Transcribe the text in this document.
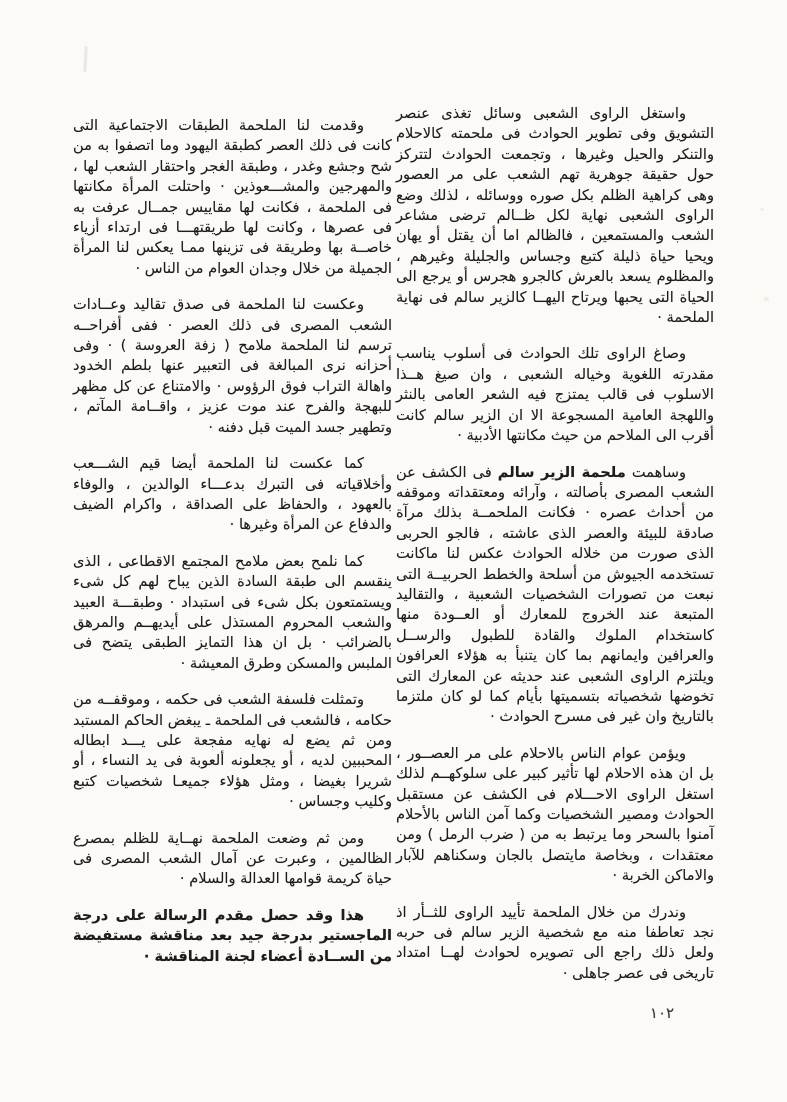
واستغل الراوى الشعبى وسائل تغذى عنصر التشويق وفى تطوير الحوادث فى ملحمته كالاحلام والتنكر والحيل وغيرها ، وتجمعت الحوادث لتتركز حول حقيقة جوهرية تهم الشعب على مر العصور وهى كراهية الظلم بكل صوره ووسائله ، لذلك وضع الراوى الشعبى نهاية لكل ظــالم ترضى مشاعر الشعب والمستمعين ، فالظالم اما أن يقتل أو يهان ويحيا حياة ذليلة كتبع وجساس والجليلة وغيرهم ، والمظلوم يسعد بالعرش كالجرو هجرس أو يرجع الى الحياة التى يحبها ويرتاح اليهــا كالزير سالم فى نهاية الملحمة ·

وصاغ الراوى تلك الحوادث فى أسلوب يناسب مقدرته اللغوية وخياله الشعبى ، وان صيغ هــذا الاسلوب فى قالب يمتزج فيه الشعر العامى بالنثر واللهجة العامية المسجوعة الا ان الزير سالم كانت أقرب الى الملاحم من حيث مكانتها الأدبية ·

وساهمت ملحمة الزير سالم فى الكشف عن الشعب المصرى بأصالته ، وآرائه ومعتقداته وموقفه من أحداث عصره · فكانت الملحمــة بذلك مرآة صادقة للبيئة والعصر الذى عاشته ، فالجو الحربى الذى صورت من خلاله الحوادث عكس لنا ماكانت تستخدمه الجيوش من أسلحة والخطط الحربيــة التى نبعت من تصورات الشخصيات الشعبية ، والتقاليد المتبعة عند الخروج للمعارك أو العــودة منها كاستخدام الملوك والقادة للطبول والرســل والعرافين وايمانهم بما كان يتنبأ به هؤلاء العرافون ويلتزم الراوى الشعبى عند حديثه عن المعارك التى تخوضها شخصياته بتسميتها بأيام كما لو كان ملتزما بالتاريخ وان غير فى مسرح الحوادث ·

ويؤمن عوام الناس بالاحلام على مر العصــور ، بل ان هذه الاحلام لها تأثير كبير على سلوكهــم لذلك استغل الراوى الاحـــلام فى الكشف عن مستقبل الحوادث ومصير الشخصيات وكما آمن الناس بالأحلام آمنوا بالسحر وما يرتبط به من ( ضرب الرمل ) ومن معتقدات ، وبخاصة مايتصل بالجان وسكناهم للآبار والاماكن الخربة ·

وندرك من خلال الملحمة تأييد الراوى للثــأر اذ نجد تعاطفا منه مع شخصية الزير سالم فى حربه ولعل ذلك راجع الى تصويره لحوادث لهــا امتداد تاريخى فى عصر جاهلى ·

وقدمت لنا الملحمة الطبقات الاجتماعية التى كانت فى ذلك العصر كطبقة اليهود وما اتصفوا به من شح وجشع وغدر ، وطبقة الغجر واحتقار الشعب لها ، والمهرجين والمشـــعوذين · واحتلت المرأة مكانتها فى الملحمة ، فكانت لها مقاييس جمــال عرفت به فى عصرها ، وكانت لها طريقتهـــا فى ارتداء أزياء خاصــة بها وطريقة فى تزينها ممـا يعكس لنا المرأة الجميلة من خلال وجدان العوام من الناس ·

وعكست لنا الملحمة فى صدق تقاليد وعــادات الشعب المصرى فى ذلك العصر · ففى أفراحــه ترسم لنا الملحمة ملامح ( زفة العروسة ) · وفى أحزانه نرى المبالغة فى التعبير عنها بلطم الخدود واهالة التراب فوق الرؤوس · والامتناع عن كل مظهر للبهجة والفرح عند موت عزيز ، واقــامة المآتم ، وتطهير جسد الميت قبل دفنه ·

كما عكست لنا الملحمة أيضا قيم الشـــعب وأخلاقياته فى التبرك بدعـــاء الوالدين ، والوفاء بالعهود ، والحفاظ على الصداقة ، واكرام الضيف والدفاع عن المرأة وغيرها ·

كما نلمح بعض ملامح المجتمع الاقطاعى ، الذى ينقسم الى طبقة السادة الذين يباح لهم كل شىء ويستمتعون بكل شىء فى استبداد · وطبقـــة العبيد والشعب المحروم المستذل على أيديهــم والمرهق بالضرائب · بل ان هذا التمايز الطبقى يتضح فى الملبس والمسكن وطرق المعيشة ·

وتمثلت فلسفة الشعب فى حكمه ، وموقفــه من حكامه ، فالشعب فى الملحمة ـ يبغض الحاكم المستبد ومن ثم يضع له نهايه مفجعة على يـــد ابطاله المحببين لديه ، أو يجعلونه ألعوبة فى يد النساء ، أو شريرا بغيضا ، ومثل هؤلاء جميعـا شخصيات كتبع وكليب وجساس ·

ومن ثم وضعت الملحمة نهــاية للظلم بمصرع الظالمين ، وعبرت عن آمال الشعب المصرى فى حياة كريمة قوامها العدالة والسلام ·

هذا وقد حصل مقدم الرسالة على درجة الماجستير بدرجة جيد بعد مناقشة مستفيضة من الســادة أعضاء لجنة المناقشة ·

١٠٢
